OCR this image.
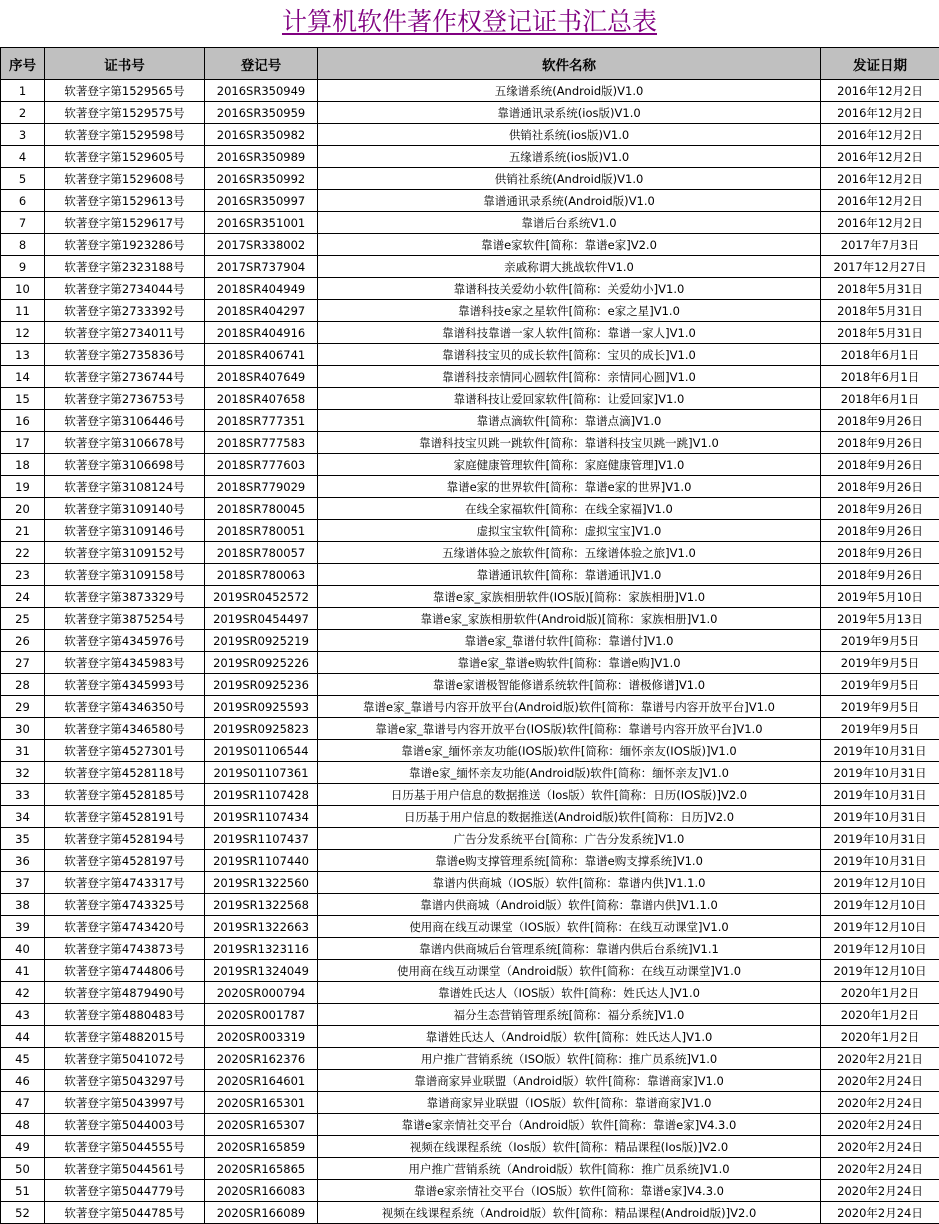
计算机软件著作权登记证书汇总表
序号	证书号	登记号	软件名称	发证日期
1	软著登字第1529565号	2016SR350949	五缘谱系统(Android版)V1.0	2016年12月2日
2	软著登字第1529575号	2016SR350959	靠谱通讯录系统(ios版)V1.0	2016年12月2日
3	软著登字第1529598号	2016SR350982	供销社系统(ios版)V1.0	2016年12月2日
4	软著登字第1529605号	2016SR350989	五缘谱系统(ios版)V1.0	2016年12月2日
5	软著登字第1529608号	2016SR350992	供销社系统(Android版)V1.0	2016年12月2日
6	软著登字第1529613号	2016SR350997	靠谱通讯录系统(Android版)V1.0	2016年12月2日
7	软著登字第1529617号	2016SR351001	靠谱后台系统V1.0	2016年12月2日
8	软著登字第1923286号	2017SR338002	靠谱e家软件[简称：靠谱e家]V2.0	2017年7月3日
9	软著登字第2323188号	2017SR737904	亲戚称谓大挑战软件V1.0	2017年12月27日
10	软著登字第2734044号	2018SR404949	靠谱科技关爱幼小软件[简称：关爱幼小]V1.0	2018年5月31日
11	软著登字第2733392号	2018SR404297	靠谱科技e家之星软件[简称：e家之星]V1.0	2018年5月31日
12	软著登字第2734011号	2018SR404916	靠谱科技靠谱一家人软件[简称：靠谱一家人]V1.0	2018年5月31日
13	软著登字第2735836号	2018SR406741	靠谱科技宝贝的成长软件[简称：宝贝的成长]V1.0	2018年6月1日
14	软著登字第2736744号	2018SR407649	靠谱科技亲情同心圆软件[简称：亲情同心圆]V1.0	2018年6月1日
15	软著登字第2736753号	2018SR407658	靠谱科技让爱回家软件[简称：让爱回家]V1.0	2018年6月1日
16	软著登字第3106446号	2018SR777351	靠谱点滴软件[简称：靠谱点滴]V1.0	2018年9月26日
17	软著登字第3106678号	2018SR777583	靠谱科技宝贝跳一跳软件[简称：靠谱科技宝贝跳一跳]V1.0	2018年9月26日
18	软著登字第3106698号	2018SR777603	家庭健康管理软件[简称：家庭健康管理]V1.0	2018年9月26日
19	软著登字第3108124号	2018SR779029	靠谱e家的世界软件[简称：靠谱e家的世界]V1.0	2018年9月26日
20	软著登字第3109140号	2018SR780045	在线全家福软件[简称：在线全家福]V1.0	2018年9月26日
21	软著登字第3109146号	2018SR780051	虚拟宝宝软件[简称：虚拟宝宝]V1.0	2018年9月26日
22	软著登字第3109152号	2018SR780057	五缘谱体验之旅软件[简称：五缘谱体验之旅]V1.0	2018年9月26日
23	软著登字第3109158号	2018SR780063	靠谱通讯软件[简称：靠谱通讯]V1.0	2018年9月26日
24	软著登字第3873329号	2019SR0452572	靠谱e家_家族相册软件(IOS版)[简称：家族相册]V1.0	2019年5月10日
25	软著登字第3875254号	2019SR0454497	靠谱e家_家族相册软件(Android版)[简称：家族相册]V1.0	2019年5月13日
26	软著登字第4345976号	2019SR0925219	靠谱e家_靠谱付软件[简称：靠谱付]V1.0	2019年9月5日
27	软著登字第4345983号	2019SR0925226	靠谱e家_靠谱e购软件[简称：靠谱e购]V1.0	2019年9月5日
28	软著登字第4345993号	2019SR0925236	靠谱e家谱极智能修谱系统软件[简称：谱极修谱]V1.0	2019年9月5日
29	软著登字第4346350号	2019SR0925593	靠谱e家_靠谱号内容开放平台(Android版)软件[简称：靠谱号内容开放平台]V1.0	2019年9月5日
30	软著登字第4346580号	2019SR0925823	靠谱e家_靠谱号内容开放平台(IOS版)软件[简称：靠谱号内容开放平台]V1.0	2019年9月5日
31	软著登字第4527301号	2019S01106544	靠谱e家_缅怀亲友功能(IOS版)软件[简称：缅怀亲友(IOS版)]V1.0	2019年10月31日
32	软著登字第4528118号	2019S01107361	靠谱e家_缅怀亲友功能(Android版)软件[简称：缅怀亲友]V1.0	2019年10月31日
33	软著登字第4528185号	2019SR1107428	日历基于用户信息的数据推送（Ios版）软件[简称：日历(IOS版)]V2.0	2019年10月31日
34	软著登字第4528191号	2019SR1107434	日历基于用户信息的数据推送(Android版)软件[简称：日历]V2.0	2019年10月31日
35	软著登字第4528194号	2019SR1107437	广告分发系统平台[简称：广告分发系统]V1.0	2019年10月31日
36	软著登字第4528197号	2019SR1107440	靠谱e购支撑管理系统[简称：靠谱e购支撑系统]V1.0	2019年10月31日
37	软著登字第4743317号	2019SR1322560	靠谱内供商城（IOS版）软件[简称：靠谱内供]V1.1.0	2019年12月10日
38	软著登字第4743325号	2019SR1322568	靠谱内供商城（Android版）软件[简称：靠谱内供]V1.1.0	2019年12月10日
39	软著登字第4743420号	2019SR1322663	使用商在线互动课堂（IOS版）软件[简称：在线互动课堂]V1.0	2019年12月10日
40	软著登字第4743873号	2019SR1323116	靠谱内供商城后台管理系统[简称：靠谱内供后台系统]V1.1	2019年12月10日
41	软著登字第4744806号	2019SR1324049	使用商在线互动课堂（Android版）软件[简称：在线互动课堂]V1.0	2019年12月10日
42	软著登字第4879490号	2020SR000794	靠谱姓氏达人（IOS版）软件[简称：姓氏达人]V1.0	2020年1月2日
43	软著登字第4880483号	2020SR001787	福分生态营销管理系统[简称：福分系统]V1.0	2020年1月2日
44	软著登字第4882015号	2020SR003319	靠谱姓氏达人（Android版）软件[简称：姓氏达人]V1.0	2020年1月2日
45	软著登字第5041072号	2020SR162376	用户推广营销系统（ISO版）软件[简称：推广员系统]V1.0	2020年2月21日
46	软著登字第5043297号	2020SR164601	靠谱商家异业联盟（Android版）软件[简称：靠谱商家]V1.0	2020年2月24日
47	软著登字第5043997号	2020SR165301	靠谱商家异业联盟（IOS版）软件[简称：靠谱商家]V1.0	2020年2月24日
48	软著登字第5044003号	2020SR165307	靠谱e家亲情社交平台（Android版）软件[简称：靠谱e家]V4.3.0	2020年2月24日
49	软著登字第5044555号	2020SR165859	视频在线课程系统（Ios版）软件[简称：精品课程(Ios版)]V2.0	2020年2月24日
50	软著登字第5044561号	2020SR165865	用户推广营销系统（Android版）软件[简称：推广员系统]V1.0	2020年2月24日
51	软著登字第5044779号	2020SR166083	靠谱e家亲情社交平台（IOS版）软件[简称：靠谱e家]V4.3.0	2020年2月24日
52	软著登字第5044785号	2020SR166089	视频在线课程系统（Android版）软件[简称：精品课程(Android版)]V2.0	2020年2月24日
